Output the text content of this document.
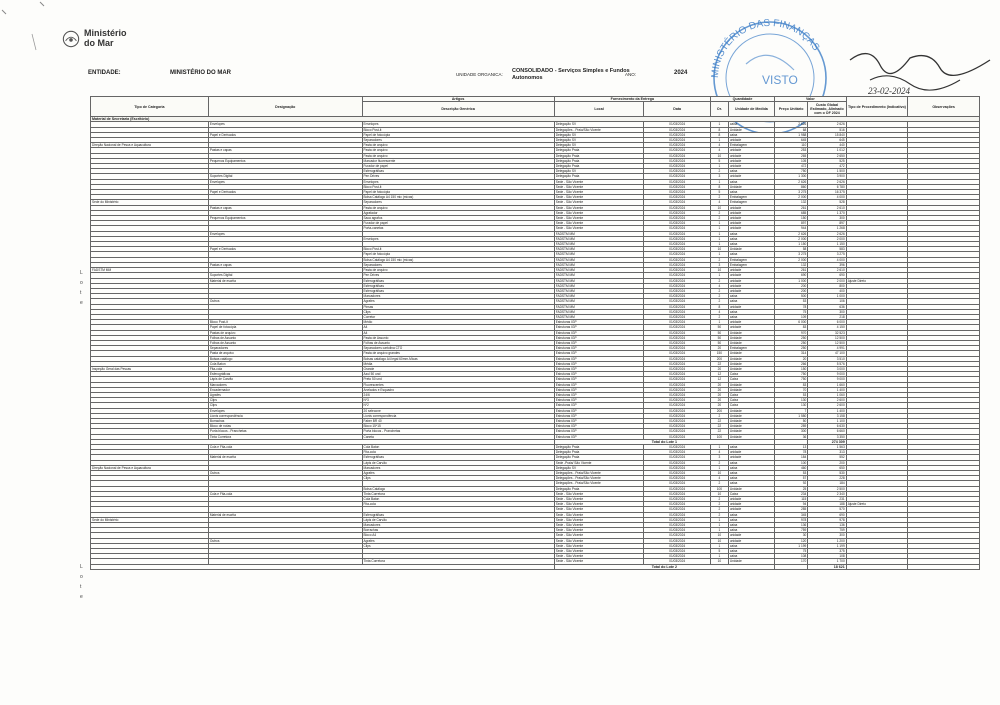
Ministério
do Mar
ENTIDADE:	MINISTÉRIO DO MAR	UNIDADE ORGANICA:
CONSOLIDADO - Serviços Simples e Fundos Autonomos
ANO:	2024 MINISTÉRIO DAS FINANÇAS
VISTO
23-02-2024
L o t e
L o t e
Tipo de Categoria	Designação	Artigos	Fornecimento da Entrega		Quantidade		Valor		Tipo de Procedimento (Indicativo)	Observações
		Descrição Genérica	Local	Data	Or.	Unidade de Medida	Preço Unitário	Custo Global Estimado, Alinhado com o OF 2024		
Material de Secretaria (Escritório)										
	Envelopes	Envelopes	Delegação SV	01/03/2024	1	caixa	2 626	2 626		
		Bloco Post-it	Delegações - Praia/São Vicente	01/03/2024	8	Unidade	68	516		
	Papel e Derivados	Papel de fotocópia	Delegação SV	01/03/2024	8	caixa	1 988	15 840		
		Separadores	Delegação SV	01/03/2024	1	unidade	645	645		
Direção Nacional de Pesca e Aquacultura		Pasta de arquivo	Delegação SV	01/03/2024	4	Embalagem	110	440		
	Pastas e capas	Pasta de arquivo	Delegação Praia	01/03/2024	4	unidade	253	1 012		
		Pasta de arquivo	Delegação Praia	01/03/2024	10	unidade	265	2 650		
	Pequenos Equipamentos	Marcador fluorescente	Delegação Praia	01/03/2024	5	unidade	105	525		
		Furador de papel	Delegação Praia	01/03/2024	1	unidade	472	472		
		Esferográficas	Delegação SV	01/03/2024	2	caixa	750	1 500		
	Suportes Digital	Pen Drives	Delegação Praia	01/03/2024	3	unidade	1 300	3 900		
	Envelopes	Envelopes	Sede - São Vicente	01/03/2024	1	caixa	2 626	2 626		
		Bloco Post-it	Sede - São Vicente	01/03/2024	8	Unidade	860	6 780		
	Papel e Derivados	Papel de fotocópia	Sede - São Vicente	01/03/2024	5	caixa	3 275	16 375		
		Bolsa Catálogo A4 150 mic (mícas)	Sede - São Vicente	01/03/2024	2	Embalagem	2 000	4 000		
Sede do Ministério		Separadores	Sede - São Vicente	01/03/2024	4	Embalagem	132	528		
	Pastas e capas	Pasta de arquivo	Sede - São Vicente	01/03/2024	10	unidade	261	2 610		
		Agrafador	Sede - São Vicente	01/03/2024	2	unidade	685	1 370		
	Pequenos Equipamentos	Saca agrafos	Sede - São Vicente	01/03/2024	2	unidade	150	300		
		Furador de papel	Sede - São Vicente	01/03/2024	1	unidade	897	897		
		Porta-canetas	Sede - São Vicente	01/03/2024	1	unidade	944	1 268		
	Envelopes		FADSTM MM	01/03/2024	1	caixa	2 626	2 626		
		Envelopes	FADSTM MM	01/03/2024	1	caixa	2 000	2 000		
			FADSTM MM	01/03/2024	1	caixa	1 150	1 150		
	Papel e Derivados	Bloco Post-it	FADSTM MM	01/03/2024	10	Unidade	58	583		
		Papel de fotocópia	FADSTM MM	01/03/2024	1	caixa	3 275	3 275		
		Bolsa Catálogo A4 150 mic (mícas)	FADSTM MM	01/03/2024	2	Embalagem	2 000	4 000		
	Pastas e capas	Separadores	FADSTM MM	01/03/2024	3	Embalagem	132	396		
FADSTM MM		Pasta de arquivo	FADSTM MM	01/03/2024	10	unidade	261	2 610		
	Suportes Digital	Pen Drives	FADSTM MM	01/03/2024	1	unidade	690	690		
	Material de escrita	Esferográficas	FADSTM MM	01/03/2024	2	unidade	1 000	2 000	Ajuste Direto	
		Esferográficas	FADSTM MM	01/03/2024	4	unidade	200	800		
		Esferográficas	FADSTM MM	01/03/2024	2	unidade	200	400		
		Marcadores	FADSTM MM	01/03/2024	2	caixa	500	1 000		
	Outros	Agrafes	FADSTM MM	01/03/2024	2	caixa	53	106		
		Pinsas	FADSTM MM	01/03/2024	8	unidade	78	636		
		Clips	FADSTM MM	01/03/2024	4	caixa	75	300		
		Corretor	FADSTM MM	01/03/2024	2	caixa	109	218		
	Bloco Post-it	Médio	Estruturas IGP	01/03/2024	1	unidade	6 000	6 000		
	Papel de fotocópia	A4	Estruturas IGP	01/03/2024	50	unidade	83	4 150		
	Pastas de arquivo	A4	Estruturas IGP	01/03/2024	50	Unidade	970	32 523		
	Folhas de Assunto	Pasta de Assunto	Estruturas IGP	01/03/2024	50	Unidade	250	12 500		
	Folhas de Assunto	Folhas de Assunto	Estruturas IGP	01/03/2024	50	Unidade	250	12 500		
	Separadores	Separadores cartolina CTO	Estruturas IGP	01/03/2024	20	Embalagem	250	4 991		
	Pasta de arquivo	Pasta de arquivo grandes	Estruturas IGP	01/03/2024	150	Unidade	314	47 100		
	Bolsas catálogo	Bolsas catálogo A4 legal 60mm-Mícas	Estruturas IGP	01/03/2024	200	Unidade	20	3 510		
	Cola Baton	Média	Estruturas IGP	01/03/2024	22	Unidade	266	5 576		
Inspeção Geral das Pescas	Fita-cola	Grande	Estruturas IGP	01/03/2024	20	Unidade	150	3 000		
	Esferográficas	Azul 50 und	Estruturas IGP	01/03/2024	12	Caixa	750	9 000		
	Lápis de Carvão	Preto 50 und	Estruturas IGP	01/03/2024	12	Caixa	750	9 000		
	Marcadores	Fluorescentes	Estruturas IGP	01/03/2024	20	Unidade	83	1 660		
	Encadernador	Anelados e Esquadro	Estruturas IGP	01/03/2024	20	Unidade	70	1 400		
	Agrafes	24/6	Estruturas IGP	01/03/2024	20	Caixa	53	1 060		
	Clips	Nº3	Estruturas IGP	01/03/2024	20	Caixa	130	2 600		
	Clips	Nº2	Estruturas IGP	01/03/2024	20	Caixa	130	2 600		
	Envelopes	20 selecone	Estruturas IGP	01/03/2024	200	Unidade	7	1 400		
	Lionis correspondência	Lionis correspondência	Estruturas IGP	01/03/2024	2	Unidade	1 580	3 158		
	Borrachas	Faber BR 40	Estruturas IGP	01/03/2024	22	Unidade	50	1 100		
	Bloco de notas	Bloco 15*15	Estruturas IGP	01/03/2024	22	Unidade	289	6 630		
	Porta blocos - Pranchetas	Porta blocos - Pranchetas	Estruturas IGP	01/03/2024	22	Unidade	300	6 660		
	Tinta Corretora	Caneta	Estruturas IGP	01/03/2024	100	Unidade	36	3 350		
			Total do Lote 1					274 309		
	Cola e Fita-cola	Cola Baton	Delegação Praia	01/03/2024	1	caixa	13	1 563		
		Fita-cola	Delegação Praia	01/03/2024	4	unidade	78	313		
	Material de escrita	Esferográficas	Delegação Praia	01/03/2024	3	unidade	184	552		
		Lápis de Carvão	Sede -Praia/ São Vicente	01/03/2024	2	caixa	100	200		
Direção Nacional de Pesca e Aquacultura		Marcadores	Delegação SV	01/03/2024	1	caixa	460	650		
	Outros	Agrafes	Delegações - Praia/São Vicente	01/03/2024	10	caixa	53	530		
		Clips	Delegações - Praia/São Vicente	01/03/2024	4	caixa	57	228		
			Delegações - Praia/São Vicente	01/03/2024	2	caixa	92	184		
		Bolsa Catálogo	Delegação Praia	01/03/2024	100	Unidade	25	2 500		
	Cola e Fita-cola	Tinta Corretora	Sede - São Vicente	01/03/2024	10	Caixa	234	2 340		
		Cola Baton	Sede - São Vicente	01/03/2024	2	unidade	115	231		
		Fita-cola	Sede - São Vicente	01/03/2024	2	unidade	94	188	Ajuste Direto	
			Sede - São Vicente	01/03/2024	2	unidade	285	570		
	Material de escrita	Esferográficas	Sede - São Vicente	01/03/2024	2	caixa	345	690		
Sede do Ministério		Lápis de Carvão	Sede - São Vicente	01/03/2024	1	caixa	978	978		
		Marcadores	Sede - São Vicente	01/03/2024	1	caixa	136	136		
		Borrachas	Sede - São Vicente	01/03/2024	1	caixa	759	759		
		Bloco A4	Sede - São Vicente	01/03/2024	10	unidade	30	300		
	Outros	Agrafes	Sede - São Vicente	01/03/2024	10	unidade	120	1 200		
		Clips	Sede - São Vicente	01/03/2024	1	caixa	1 199	1 199		
			Sede - São Vicente	01/03/2024	5	caixa	75	375		
			Sede - São Vicente	01/03/2024	1	caixa	108	108		
		Tinta Corretora	Sede - São Vicente	01/03/2024	10	Unidade	170	1 700		
			Total do Lote 2					18 621		
